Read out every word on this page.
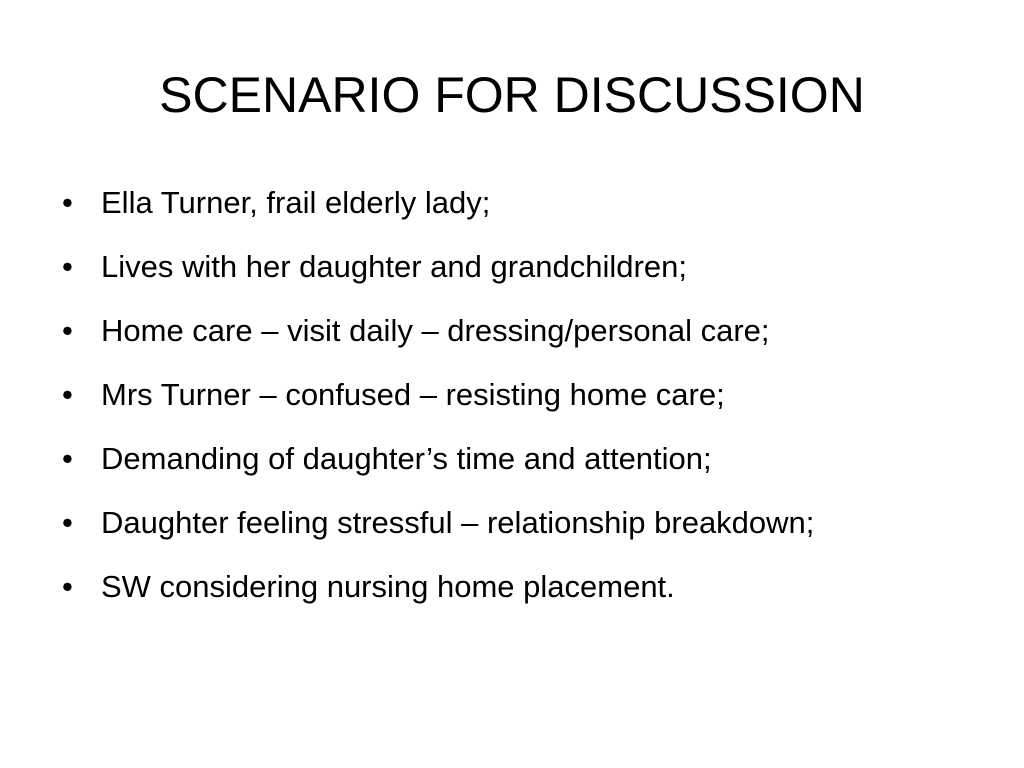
SCENARIO FOR DISCUSSION
• Ella Turner, frail elderly lady;
• Lives with her daughter and grandchildren;
• Home care – visit daily – dressing/personal care;
• Mrs Turner – confused – resisting home care;
• Demanding of daughter’s time and attention;
• Daughter feeling stressful – relationship breakdown;
• SW considering nursing home placement.
